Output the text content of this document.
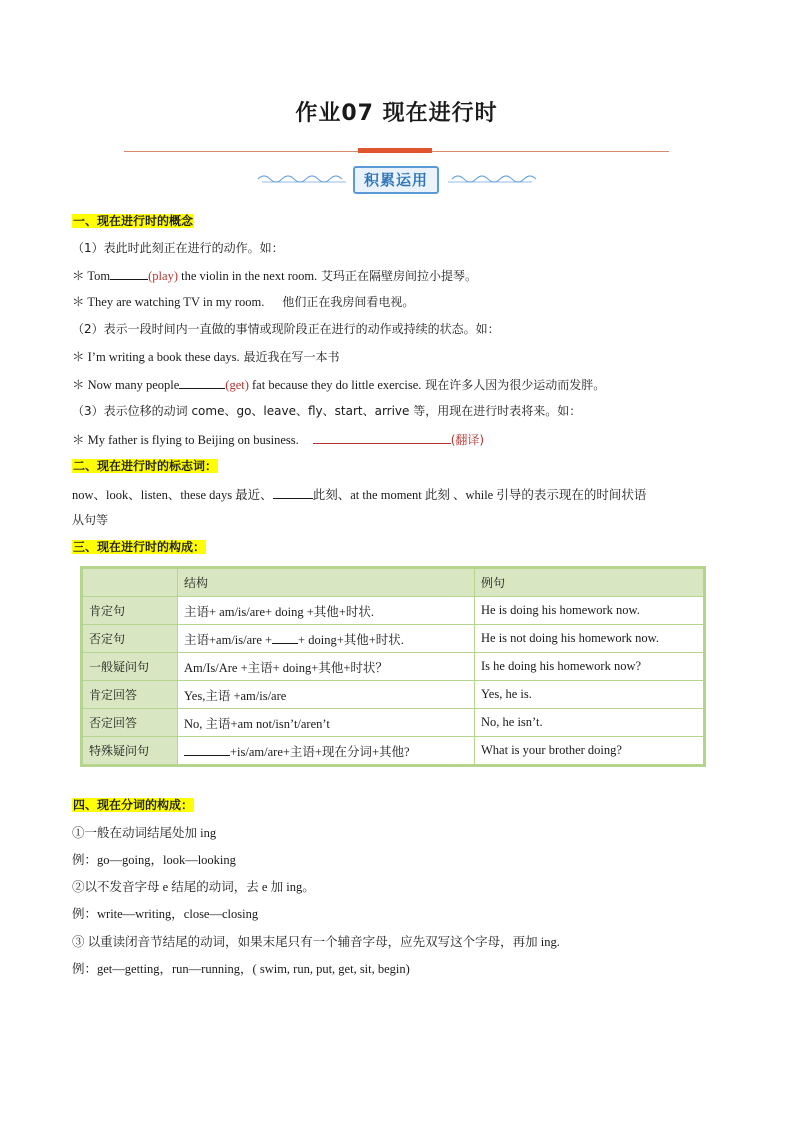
作业07 现在进行时
积累运用
一、现在进行时的概念
（1）表此时此刻正在进行的动作。如：
＊ Tom	(play) the violin in the next room. 艾玛正在隔壁房间拉小提琴。
＊ They are watching TV in my room. 他们正在我房间看电视。
（2）表示一段时间内一直做的事情或现阶段正在进行的动作或持续的状态。如：
＊ I’m writing a book these days. 最近我在写一本书
＊ Now many people	(get) fat because they do little exercise. 现在许多人因为很少运动而发胖。
（3）表示位移的动词 come、go、leave、fly、start、arrive 等，用现在进行时表将来。如：
＊ My father is flying to Beijing on business.	(翻译)
二、现在进行时的标志词：
now、look、listen、these days 最近、	此刻、at the moment 此刻 、while 引导的表示现在的时间状语
从句等
三、现在进行时的构成：
	结构	例句
肯定句	主语+ am/is/are+ doing +其他+时状.	He is doing his homework now.
否定句	主语+am/is/are + + doing+其他+时状.	He is not doing his homework now.
一般疑问句	Am/Is/Are +主语+ doing+其他+时状？	Is he doing his homework now?
肯定回答	Yes,主语 +am/is/are	Yes, he is.
否定回答	No, 主语+am not/isn’t/aren’t	No, he isn’t.
特殊疑问句	+is/am/are+主语+现在分词+其他?	What is your brother doing?
四、现在分词的构成：
①一般在动词结尾处加 ing
例：go—going，look—looking
②以不发音字母 e 结尾的动词，去 e 加 ing。
例：write—writing，close—closing
③ 以重读闭音节结尾的动词，如果末尾只有一个辅音字母，应先双写这个字母，再加 ing.
例：get—getting，run—running，( swim, run, put, get, sit, begin)
